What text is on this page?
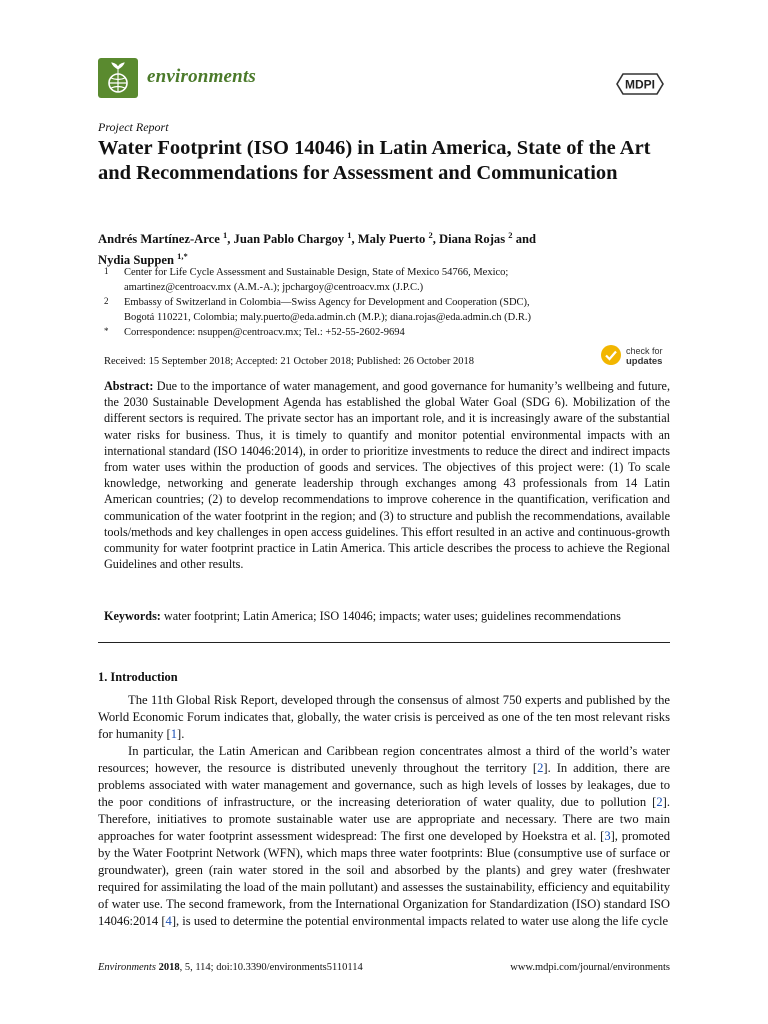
environments	MDPI
Project Report
Water Footprint (ISO 14046) in Latin America, State of the Art and Recommendations for Assessment and Communication
Andrés Martínez-Arce $^1$, Juan Pablo Chargoy $^1$, Maly Puerto $^2$, Diana Rojas $^2$ and
Nydia Suppen $^{1,*}$
1 Center for Life Cycle Assessment and Sustainable Design, State of Mexico 54766, Mexico;
amartinez@centroacv.mx (A.M.-A.); jpchargoy@centroacv.mx (J.P.C.)
2 Embassy of Switzerland in Colombia—Swiss Agency for Development and Cooperation (SDC),
Bogotá 110221, Colombia; maly.puerto@eda.admin.ch (M.P.); diana.rojas@eda.admin.ch (D.R.)
* Correspondence: nsuppen@centroacv.mx; Tel.: +52-55-2602-9694
Received: 15 September 2018; Accepted: 21 October 2018; Published: 26 October 2018
check for
updates
Abstract: Due to the importance of water management, and good governance for humanity’s wellbeing and future, the 2030 Sustainable Development Agenda has established the global Water Goal (SDG 6). Mobilization of the different sectors is required. The private sector has an important role, and it is increasingly aware of the substantial water risks for business. Thus, it is timely to quantify and monitor potential environmental impacts with an international standard (ISO 14046:2014), in order to prioritize investments to reduce the direct and indirect impacts from water uses within the production of goods and services. The objectives of this project were: (1) To scale knowledge, networking and generate leadership through exchanges among 43 professionals from 14 Latin American countries; (2) to develop recommendations to improve coherence in the quantification, verification and communication of the water footprint in the region; and (3) to structure and publish the recommendations, available tools/methods and key challenges in open access guidelines. This effort resulted in an active and continuous-growth community for water footprint practice in Latin America. This article describes the process to achieve the Regional Guidelines and other results.
Keywords: water footprint; Latin America; ISO 14046; impacts; water uses; guidelines recommendations
1. Introduction

The 11th Global Risk Report, developed through the consensus of almost 750 experts and published by the World Economic Forum indicates that, globally, the water crisis is perceived as one of the ten most relevant risks for humanity [1].

In particular, the Latin American and Caribbean region concentrates almost a third of the world’s water resources; however, the resource is distributed unevenly throughout the territory [2]. In addition, there are problems associated with water management and governance, such as high levels of losses by leakages, due to the poor conditions of infrastructure, or the increasing deterioration of water quality, due to pollution [2]. Therefore, initiatives to promote sustainable water use are appropriate and necessary. There are two main approaches for water footprint assessment widespread: The first one developed by Hoekstra et al. [3], promoted by the Water Footprint Network (WFN), which maps three water footprints: Blue (consumptive use of surface or groundwater), green (rain water stored in the soil and absorbed by the plants) and grey water (freshwater required for assimilating the load of the main pollutant) and assesses the sustainability, efficiency and equitability of water use. The second framework, from the International Organization for Standardization (ISO) standard ISO 14046:2014 [4], is used to determine the potential environmental impacts related to water use along the life cycle

Environments 2018, 5, 114; doi:10.3390/environments5110114	www.mdpi.com/journal/environments
